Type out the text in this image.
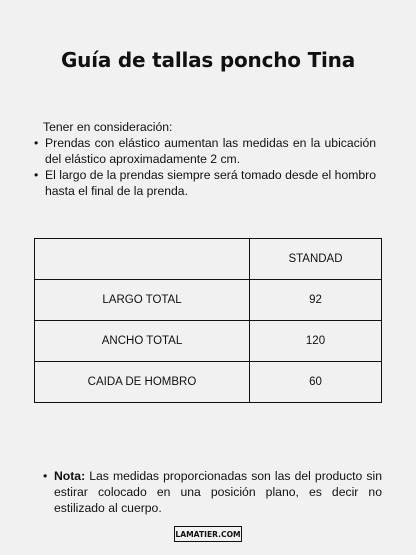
Guía de tallas poncho Tina
Tener en consideración:
• Prendas con elástico aumentan las medidas en la ubicación del elástico aproximadamente 2 cm.
• El largo de la prendas siempre será tomado desde el hombro hasta el final de la prenda.
	STANDAD
LARGO TOTAL	92
ANCHO TOTAL	120
CAIDA DE HOMBRO	60
• Nota: Las medidas proporcionadas son las del producto sin estirar colocado en una posición plano, es decir no estilizado al cuerpo.
LAMATIER.COM
